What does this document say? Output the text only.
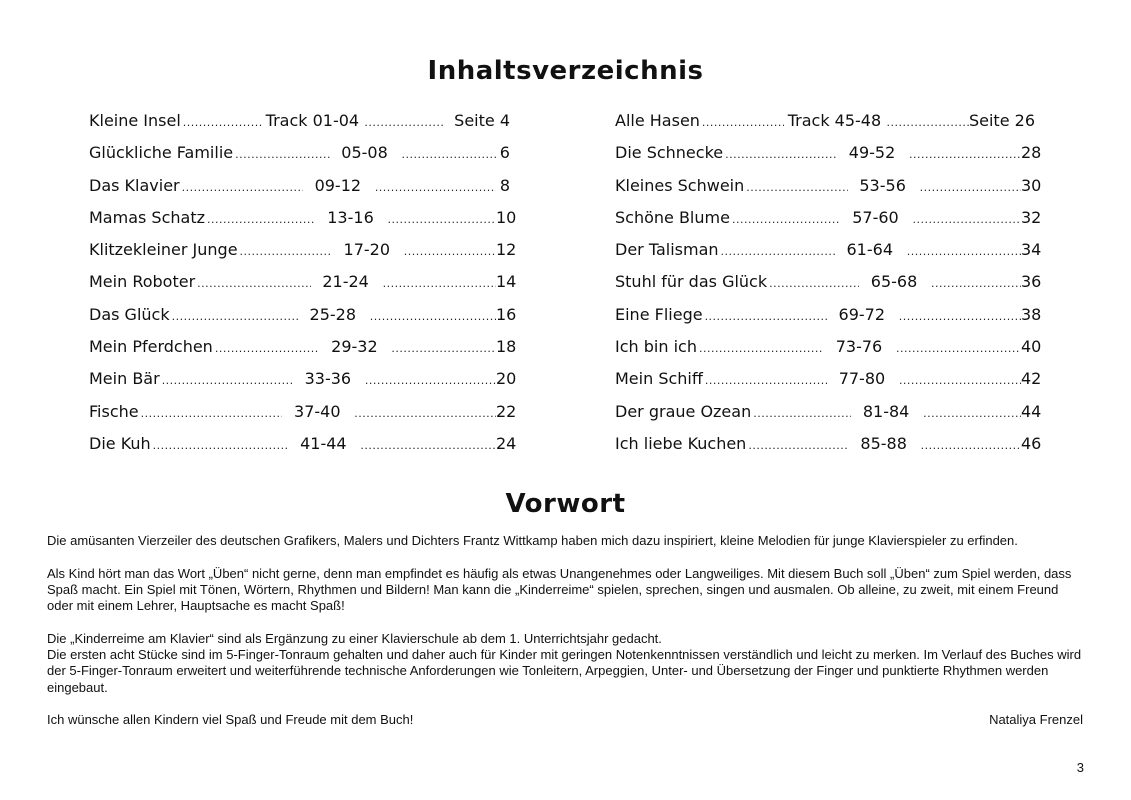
Inhaltsverzeichnis
Kleine Insel .....	Track 01-04 .....	Seite 4
Glückliche Familie .....	05-08 .....	6
Das Klavier .....	09-12 .....	8
Mamas Schatz .....	13-16 .....	10
Klitzekleiner Junge .....	17-20 .....	12
Mein Roboter .....	21-24 .....	14
Das Glück .....	25-28 .....	16
Mein Pferdchen .....	29-32 .....	18
Mein Bär .....	33-36 .....	20
Fische .....	37-40 .....	22
Die Kuh .....	41-44 .....	24
Alle Hasen .....	Track 45-48 .....	Seite 26
Die Schnecke .....	49-52 .....	28
Kleines Schwein .....	53-56 .....	30
Schöne Blume .....	57-60 .....	32
Der Talisman .....	61-64 .....	34
Stuhl für das Glück .....	65-68 .....	36
Eine Fliege .....	69-72 .....	38
Ich bin ich .....	73-76 .....	40
Mein Schiff .....	77-80 .....	42
Der graue Ozean .....	81-84 .....	44
Ich liebe Kuchen .....	85-88 .....	46
Vorwort

Die amüsanten Vierzeiler des deutschen Grafikers, Malers und Dichters Frantz Wittkamp haben mich dazu inspiriert, kleine Melodien für junge Klavierspieler zu erfinden.

Als Kind hört man das Wort „Üben“ nicht gerne, denn man empfindet es häufig als etwas Unangenehmes oder Langweiliges. Mit diesem Buch soll „Üben“ zum Spiel werden, dass Spaß macht. Ein Spiel mit Tönen, Wörtern, Rhythmen und Bildern! Man kann die „Kinderreime“ spielen, sprechen, singen und ausmalen. Ob alleine, zu zweit, mit einem Freund oder mit einem Lehrer, Hauptsache es macht Spaß!

Die „Kinderreime am Klavier“ sind als Ergänzung zu einer Klavierschule ab dem 1. Unterrichtsjahr gedacht.

Die ersten acht Stücke sind im 5-Finger-Tonraum gehalten und daher auch für Kinder mit geringen Notenkenntnissen verständlich und leicht zu merken. Im Verlauf des Buches wird der 5-Finger-Tonraum erweitert und weiterführende technische Anforderungen wie Tonleitern, Arpeggien, Unter- und Übersetzung der Finger und punktierte Rhythmen werden eingebaut.

Ich wünsche allen Kindern viel Spaß und Freude mit dem Buch!	Nataliya Frenzel
3
